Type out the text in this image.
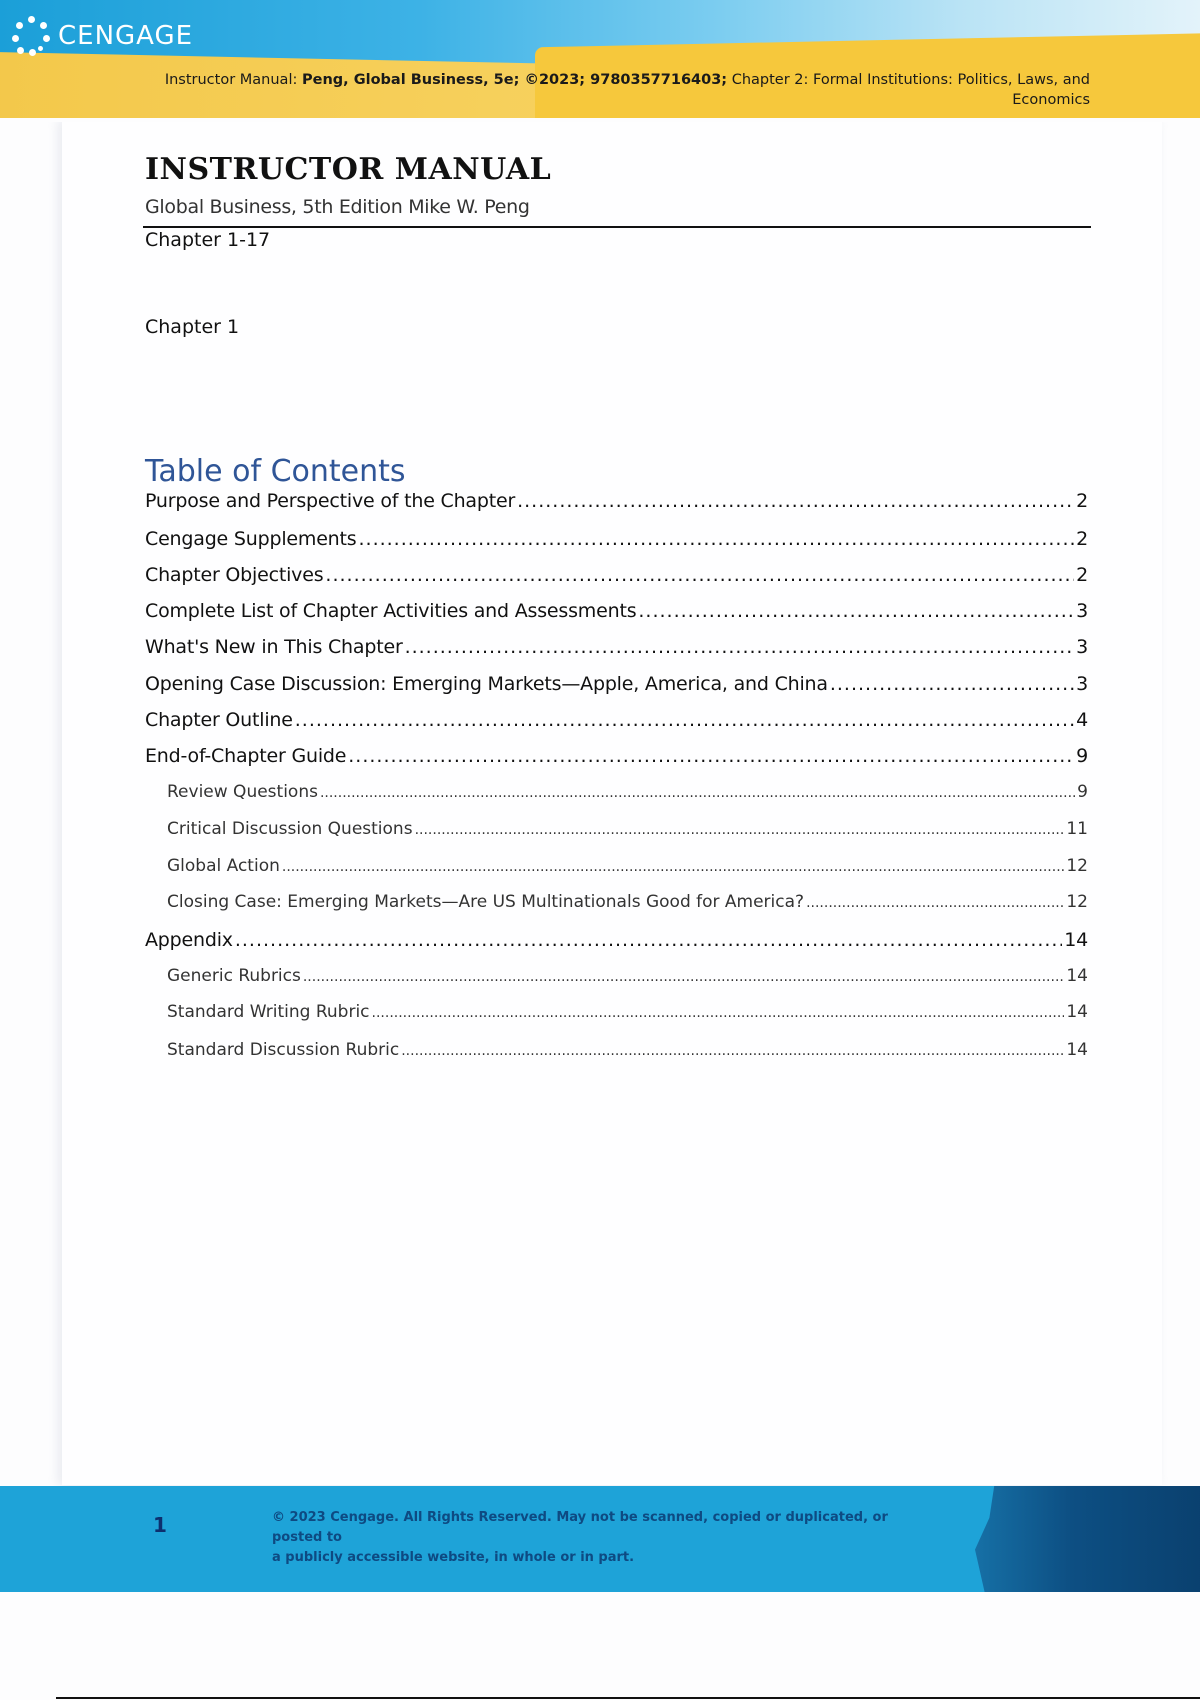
CENGAGE
Instructor Manual: Peng, Global Business, 5e; ©2023; 9780357716403; Chapter 2: Formal Institutions: Politics, Laws, and
Economics
INSTRUCTOR MANUAL
Global Business, 5th Edition Mike W. Peng
Chapter 1-17
Chapter 1
Table of Contents
Purpose and Perspective of the Chapter .....	2
Cengage Supplements .....	2
Chapter Objectives .....	2
Complete List of Chapter Activities and Assessments .....	3
What's New in This Chapter .....	3
Opening Case Discussion: Emerging Markets—Apple, America, and China .....	3
Chapter Outline .....	4
End-of-Chapter Guide .....	9
Review Questions .....	9
Critical Discussion Questions .....	11
Global Action .....	12
Closing Case: Emerging Markets—Are US Multinationals Good for America? .....	12
Appendix .....	14
Generic Rubrics .....	14
Standard Writing Rubric .....	14
Standard Discussion Rubric .....	14
1	© 2023 Cengage. All Rights Reserved. May not be scanned, copied or duplicated, or posted to
a publicly accessible website, in whole or in part.
